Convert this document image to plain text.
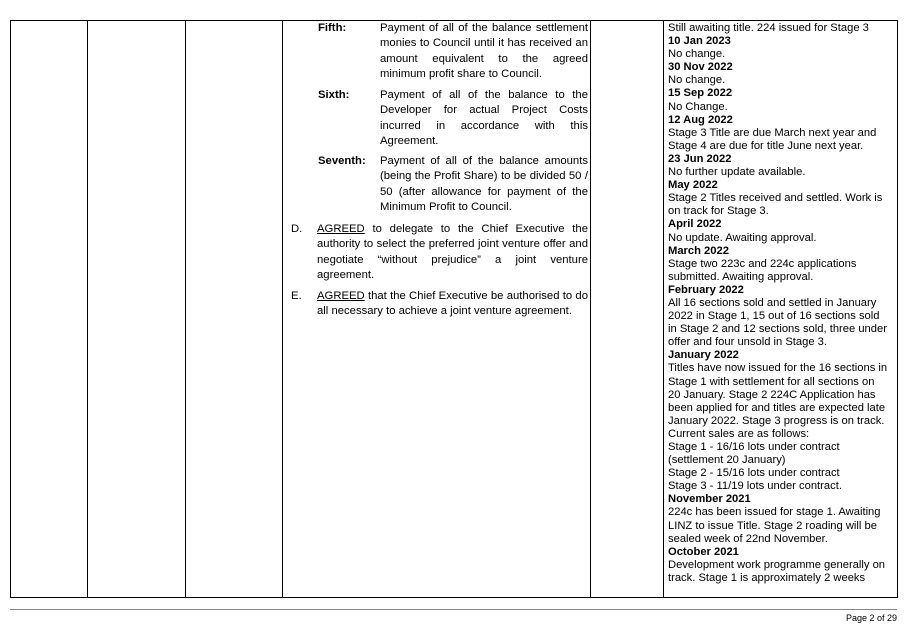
Fifth:	Payment of all of the balance settlement monies to Council until it has received an amount equivalent to the agreed minimum profit share to Council.
Sixth:	Payment of all of the balance to the Developer for actual Project Costs incurred in accordance with this Agreement.
Seventh:	Payment of all of the balance amounts (being the Profit Share) to be divided 50 / 50 (after allowance for payment of the Minimum Profit to Council.
D.	AGREED to delegate to the Chief Executive the authority to select the preferred joint venture offer and negotiate “without prejudice” a joint venture agreement.
E.	AGREED that the Chief Executive be authorised to do all necessary to achieve a joint venture agreement.

Still awaiting title. 224 issued for Stage 3

10 Jan 2023

No change.

30 Nov 2022

No change.

15 Sep 2022

No Change.

12 Aug 2022

Stage 3 Title are due March next year and

Stage 4 are due for title June next year.

23 Jun 2022

No further update available.

May 2022

Stage 2 Titles received and settled. Work is

on track for Stage 3.

April 2022

No update. Awaiting approval.

March 2022

Stage two 223c and 224c applications

submitted. Awaiting approval.

February 2022

All 16 sections sold and settled in January

2022 in Stage 1, 15 out of 16 sections sold

in Stage 2 and 12 sections sold, three under

offer and four unsold in Stage 3.

January 2022

Titles have now issued for the 16 sections in

Stage 1 with settlement for all sections on

20 January. Stage 2 224C Application has

been applied for and titles are expected late

January 2022. Stage 3 progress is on track.

Current sales are as follows:

Stage 1 - 16/16 lots under contract

(settlement 20 January)

Stage 2 - 15/16 lots under contract

Stage 3 - 11/19 lots under contract.

November 2021

224c has been issued for stage 1. Awaiting

LINZ to issue Title. Stage 2 roading will be

sealed week of 22nd November.

October 2021

Development work programme generally on

track. Stage 1 is approximately 2 weeks

Page 2 of 29
